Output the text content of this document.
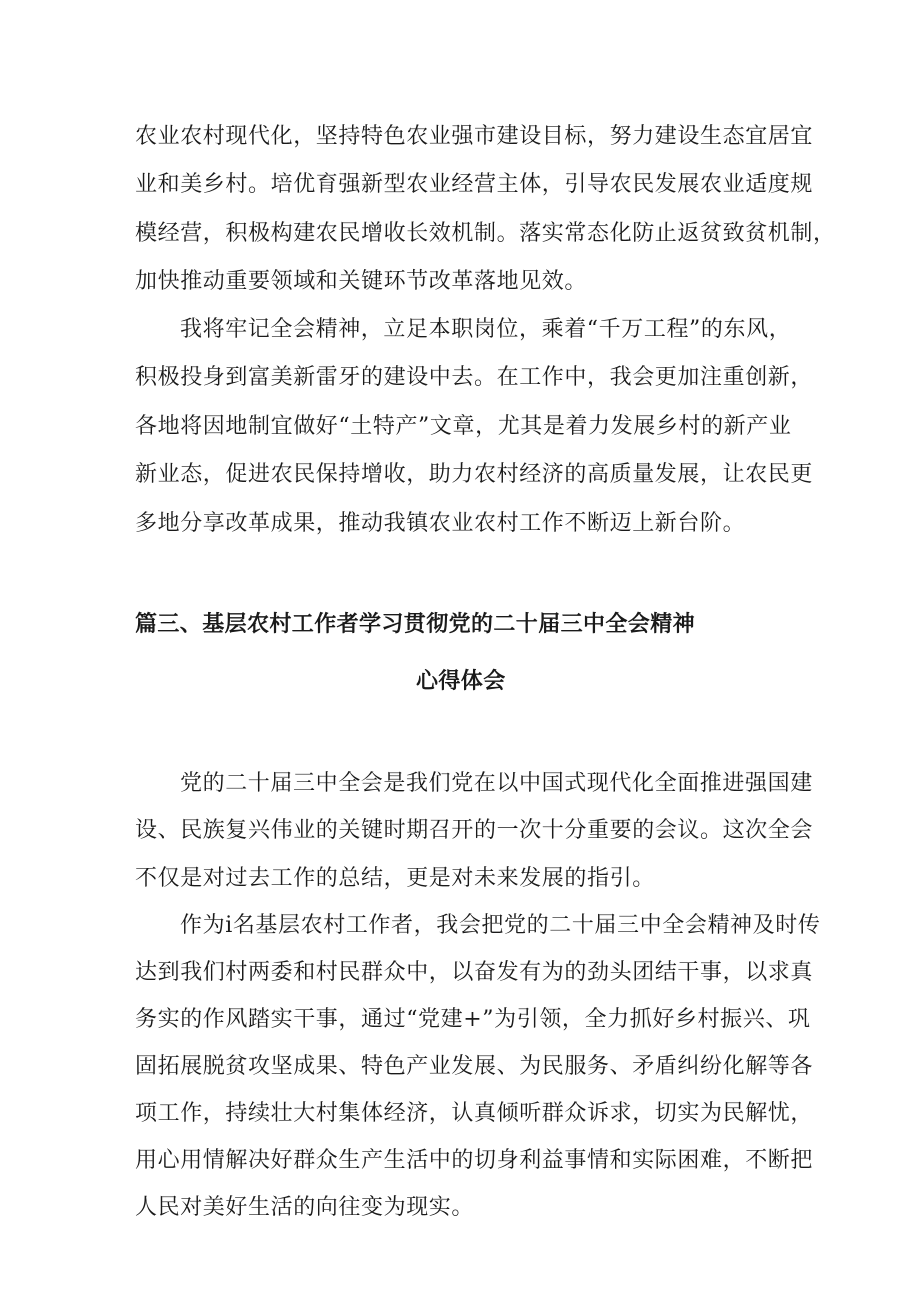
农业农村现代化，坚持特色农业强市建设目标，努力建设生态宜居宜
业和美乡村。培优育强新型农业经营主体，引导农民发展农业适度规
模经营，积极构建农民增收长效机制。落实常态化防止返贫致贫机制，
加快推动重要领域和关键环节改革落地见效。
我将牢记全会精神，立足本职岗位，乘着“千万工程”的东风，
积极投身到富美新雷牙的建设中去。在工作中，我会更加注重创新，
各地将因地制宜做好“土特产”文章，尤其是着力发展乡村的新产业
新业态，促进农民保持增收，助力农村经济的高质量发展，让农民更
多地分享改革成果，推动我镇农业农村工作不断迈上新台阶。
篇三、基层农村工作者学习贯彻党的二十届三中全会精神
心得体会
党的二十届三中全会是我们党在以中国式现代化全面推进强国建
设、民族复兴伟业的关键时期召开的一次十分重要的会议。这次全会
不仅是对过去工作的总结，更是对未来发展的指引。
作为i名基层农村工作者，我会把党的二十届三中全会精神及时传
达到我们村两委和村民群众中，以奋发有为的劲头团结干事，以求真
务实的作风踏实干事，通过“党建+”为引领，全力抓好乡村振兴、巩
固拓展脱贫攻坚成果、特色产业发展、为民服务、矛盾纠纷化解等各
项工作，持续壮大村集体经济，认真倾听群众诉求，切实为民解忧，
用心用情解决好群众生产生活中的切身利益事情和实际困难，不断把
人民对美好生活的向往变为现实。
